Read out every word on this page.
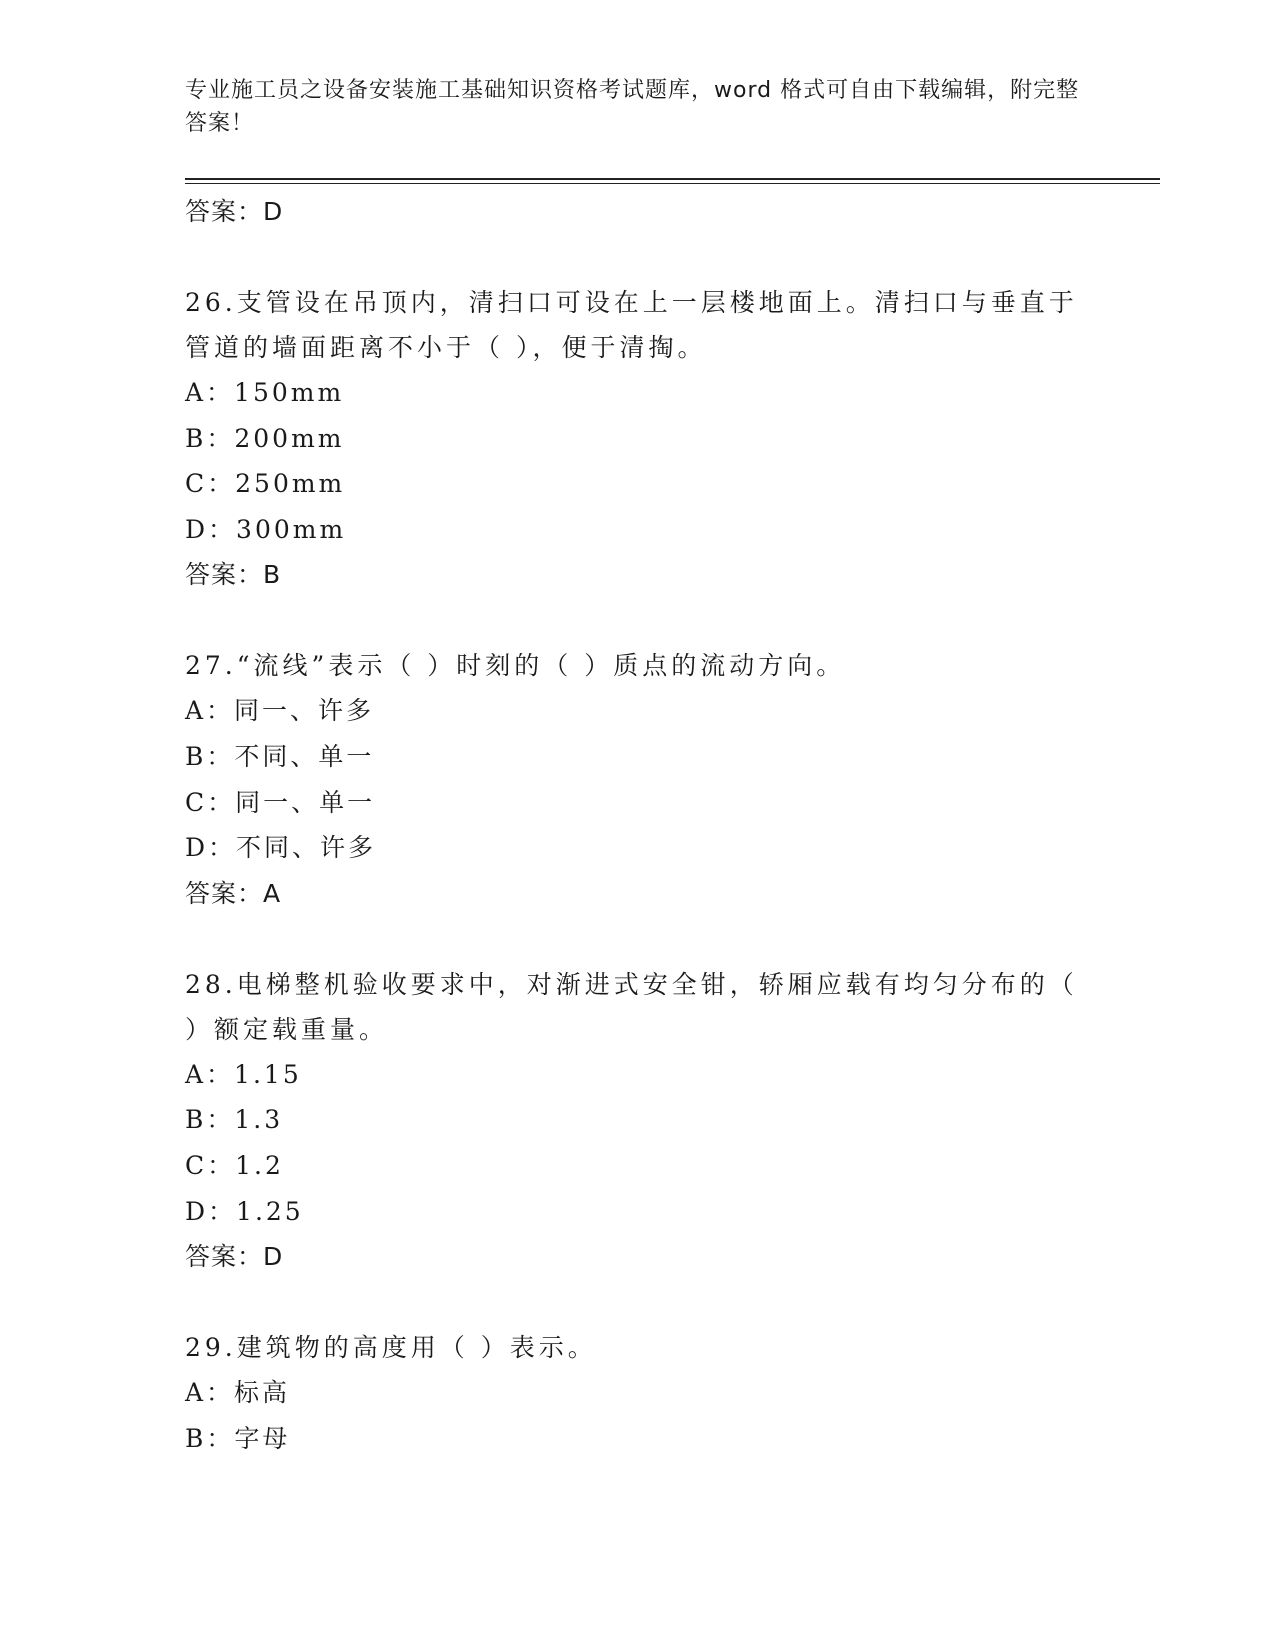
专业施工员之设备安装施工基础知识资格考试题库，word 格式可自由下载编辑，附完整答案！
答案：D
26.支管设在吊顶内，清扫口可设在上一层楼地面上。清扫口与垂直于管道的墙面距离不小于（ ），便于清掏。
A：150mm
B：200mm
C：250mm
D：300mm
答案：B
27.“流线”表示（ ）时刻的（ ）质点的流动方向。
A：同一、许多
B：不同、单一
C：同一、单一
D：不同、许多
答案：A
28.电梯整机验收要求中，对渐进式安全钳，轿厢应载有均匀分布的（ ）额定载重量。
A：1.15
B：1.3
C：1.2
D：1.25
答案：D
29.建筑物的高度用（ ）表示。
A：标高
B：字母
